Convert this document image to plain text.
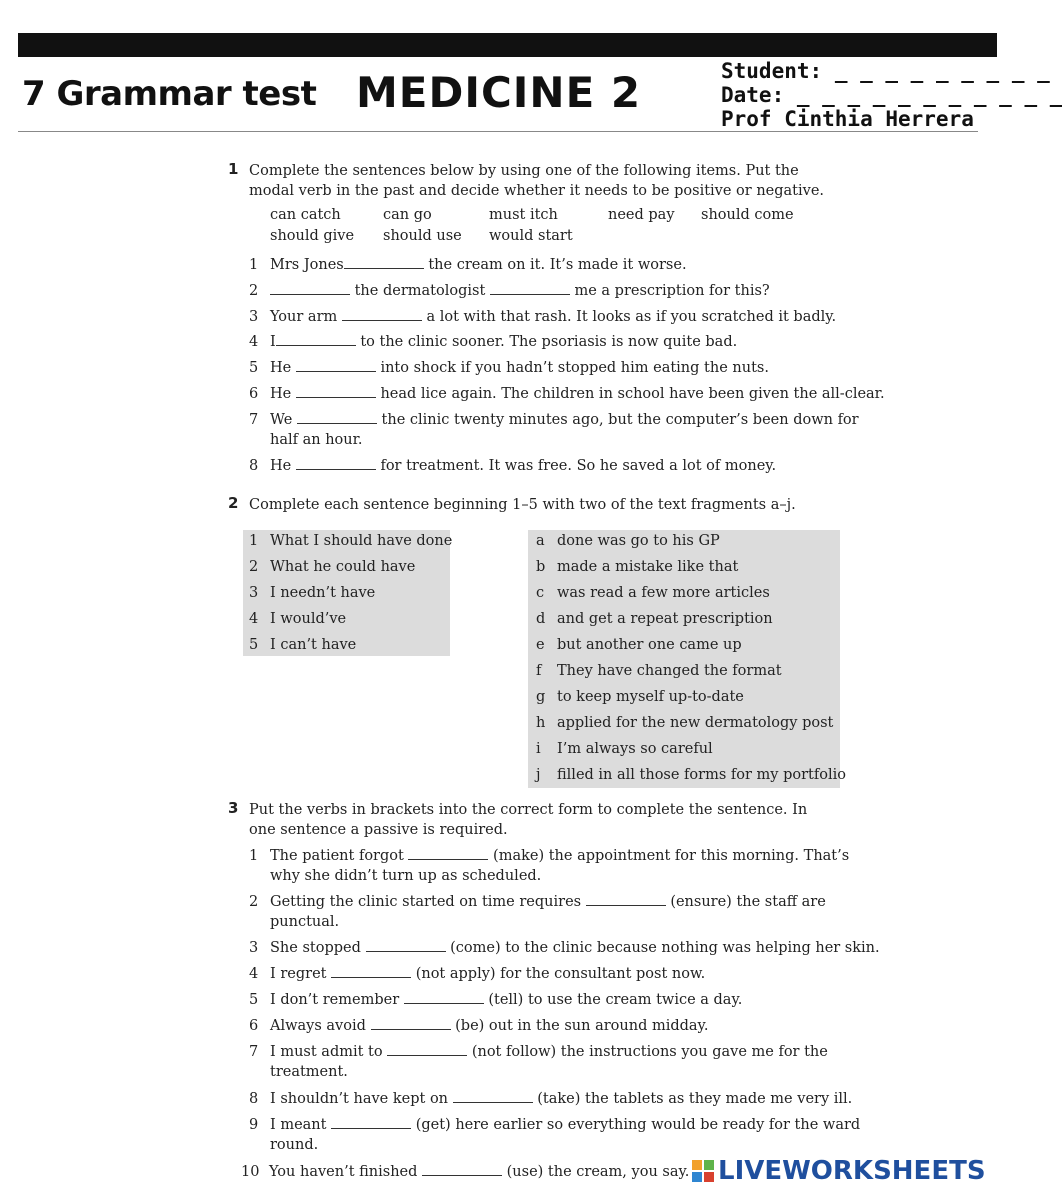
7 Grammar test MEDICINE 2	Student: _ _ _ _ _ _ _ _ _
Date: _ _ _ _ _ _ _ _ _ _ _
Prof Cinthia Herrera
1 Complete the sentences below by using one of the following items. Put the modal verb in the past and decide whether it needs to be positive or negative.
can catch	can go	must itch	need pay should come
should give should use would start
1 Mrs Jones	the cream on it. It’s made it worse.
2	the dermatologist	me a prescription for this?
3 Your arm	a lot with that rash. It looks as if you scratched it badly.
4 I	to the clinic sooner. The psoriasis is now quite bad.
5 He	into shock if you hadn’t stopped him eating the nuts.
6 He	head lice again. The children in school have been given the all-clear.
7 We	the clinic twenty minutes ago, but the computer’s been down for
half an hour.
8 He	for treatment. It was free. So he saved a lot of money.
2 Complete each sentence beginning 1–5 with two of the text fragments a–j.
1 What I should have done
2 What he could have
3 I needn’t have
4 I would’ve
5 I can’t have
a done was go to his GP
b made a mistake like that
c was read a few more articles
d and get a repeat prescription
e but another one came up
f	They have changed the format
g to keep myself up-to-date
h applied for the new dermatology post
i	I’m always so careful
j	filled in all those forms for my portfolio
3 Put the verbs in brackets into the correct form to complete the sentence. In one sentence a passive is required.
1 The patient forgot	(make) the appointment for this morning. That’s
why she didn’t turn up as scheduled.
2 Getting the clinic started on time requires	(ensure) the staff are
punctual.
3 She stopped	(come) to the clinic because nothing was helping her skin.
4 I regret	(not apply) for the consultant post now.
5 I don’t remember	(tell) to use the cream twice a day.
6 Always avoid	(be) out in the sun around midday.
7 I must admit to	(not follow) the instructions you gave me for the
treatment.
8 I shouldn’t have kept on	(take) the tablets as they made me very ill.
9 I meant	(get) here earlier so everything would be ready for the ward
round.
10 You haven’t finished	(use) the cream, you say.	LIVEWORKSHEETS
